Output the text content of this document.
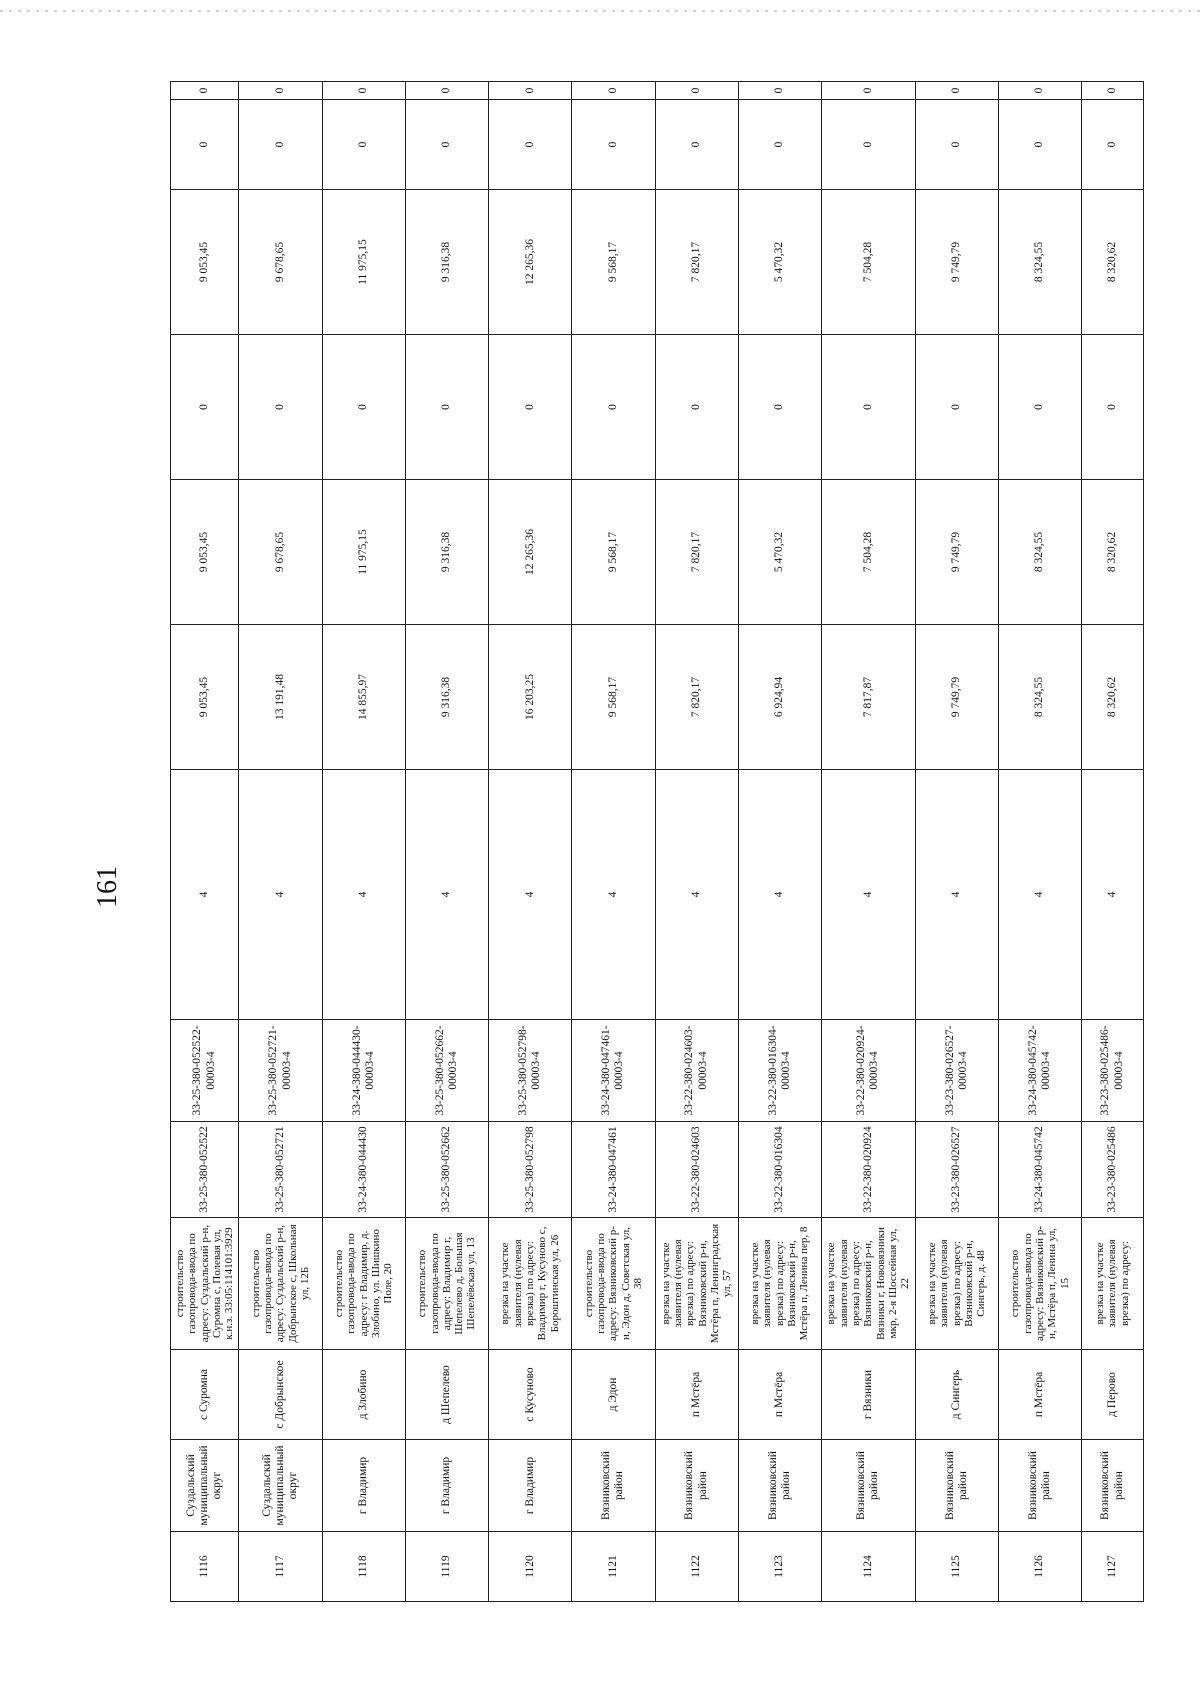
161
1116	Суздальский муниципальный округ	с Суромна	строительство газопровода-ввода по адресу: Суздальский р-н, Суромна с, Полевая ул, к.н.з. 33:05:114101:3929	33-25-380-052522	33-25-380-052522-00003-4	4	9 053,45	9 053,45	0	9 053,45	0	0
1117	Суздальский муниципальный округ	с Добрынское	строительство газопровода-ввода по адресу: Суздальский р-н, Добрынское с, Школьная ул, 12Б	33-25-380-052721	33-25-380-052721-00003-4	4	13 191,48	9 678,65	0	9 678,65	0	0
1118	г Владимир	д Злобино	строительство газопровода-ввода по адресу: г Владимир, д. Злобино, ул. Шишкино Поле, 20	33-24-380-044430	33-24-380-044430-00003-4	4	14 855,97	11 975,15	0	11 975,15	0	0
1119	г Владимир	д Шепелево	строительство газопровода-ввода по адресу: Владимир г, Шепелево д, Большая Шепелёвская ул, 13	33-25-380-052662	33-25-380-052662-00003-4	4	9 316,38	9 316,38	0	9 316,38	0	0
1120	г Владимир	с Кусуново	врезка на участке заявителя (нулевая врезка) по адресу: Владимир г, Кусуново с, Бороштинская ул, 26	33-25-380-052798	33-25-380-052798-00003-4	4	16 203,25	12 265,36	0	12 265,36	0	0
1121	Вязниковский район	д Эдон	строительство газопровода-ввода по адресу: Вязниковский р-н, Эдон д, Советская ул, 38	33-24-380-047461	33-24-380-047461-00003-4	4	9 568,17	9 568,17	0	9 568,17	0	0
1122	Вязниковский район	п Мстёра	врезка на участке заявителя (нулевая врезка) по адресу: Вязниковский р-н, Мстёра п, Ленинградская ул, 57	33-22-380-024603	33-22-380-024603-00003-4	4	7 820,17	7 820,17	0	7 820,17	0	0
1123	Вязниковский район	п Мстёра	врезка на участке заявителя (нулевая врезка) по адресу: Вязниковский р-н, Мстёра п, Ленина пер, 8	33-22-380-016304	33-22-380-016304-00003-4	4	6 924,94	5 470,32	0	5 470,32	0	0
1124	Вязниковский район	г Вязники	врезка на участке заявителя (нулевая врезка) по адресу: Вязниковский р-н, Вязники г, Нововязники мкр, 2-я Шоссейная ул, 22	33-22-380-020924	33-22-380-020924-00003-4	4	7 817,87	7 504,28	0	7 504,28	0	0
1125	Вязниковский район	д Сингерь	врезка на участке заявителя (нулевая врезка) по адресу: Вязниковский р-н, Сингерь, д. 48	33-23-380-026527	33-23-380-026527-00003-4	4	9 749,79	9 749,79	0	9 749,79	0	0
1126	Вязниковский район	п Мстёра	строительство газопровода-ввода по адресу: Вязниковский р-н, Мстёра п, Ленина ул, 15	33-24-380-045742	33-24-380-045742-00003-4	4	8 324,55	8 324,55	0	8 324,55	0	0
1127	Вязниковский район	д Перово	врезка на участке заявителя (нулевая врезка) по адресу:	33-23-380-025486	33-23-380-025486-00003-4	4	8 320,62	8 320,62	0	8 320,62	0	0
